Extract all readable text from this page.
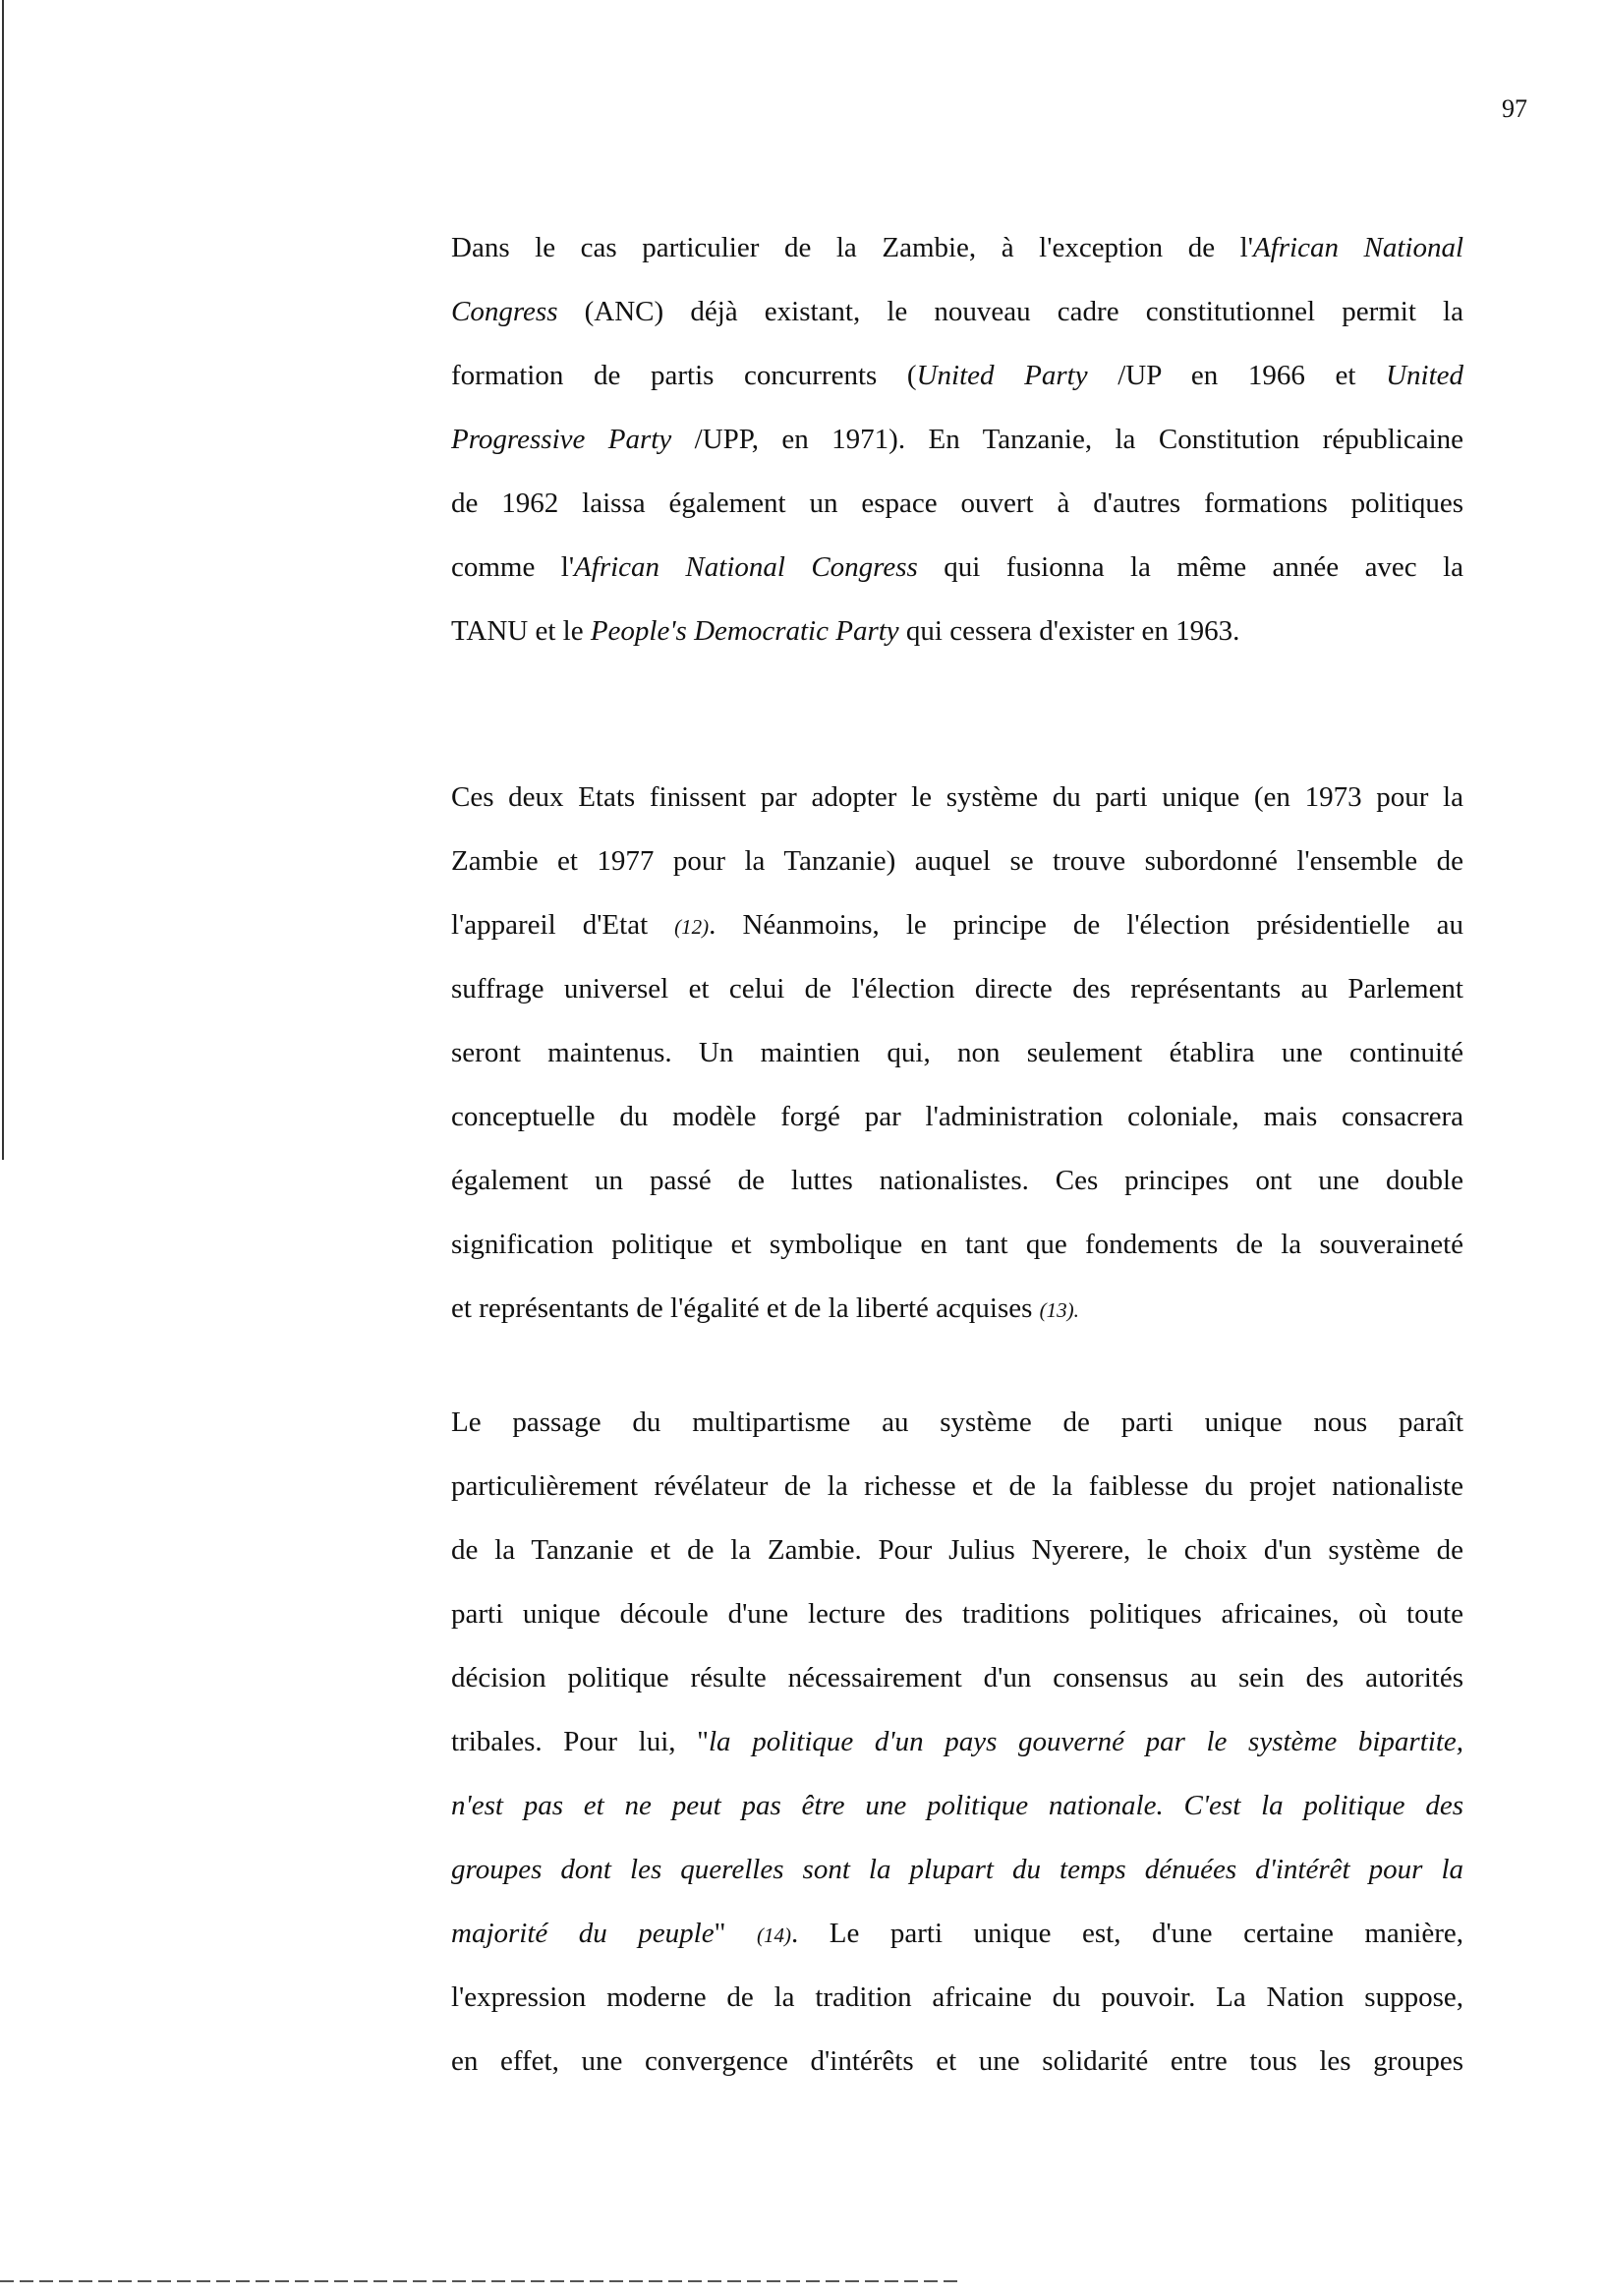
97
Dans le cas particulier de la Zambie, à l'exception de l'African National
Congress (ANC) déjà existant, le nouveau cadre constitutionnel permit la
formation de partis concurrents (United Party /UP en 1966 et United
Progressive Party /UPP, en 1971). En Tanzanie, la Constitution républicaine
de 1962 laissa également un espace ouvert à d'autres formations politiques
comme l'African National Congress qui fusionna la même année avec la
TANU et le People's Democratic Party qui cessera d'exister en 1963.
Ces deux Etats finissent par adopter le système du parti unique (en 1973 pour la
Zambie et 1977 pour la Tanzanie) auquel se trouve subordonné l'ensemble de
l'appareil d'Etat (12). Néanmoins, le principe de l'élection présidentielle au
suffrage universel et celui de l'élection directe des représentants au Parlement
seront maintenus. Un maintien qui, non seulement établira une continuité
conceptuelle du modèle forgé par l'administration coloniale, mais consacrera
également un passé de luttes nationalistes. Ces principes ont une double
signification politique et symbolique en tant que fondements de la souveraineté
et représentants de l'égalité et de la liberté acquises (13).
Le passage du multipartisme au système de parti unique nous paraît
particulièrement révélateur de la richesse et de la faiblesse du projet nationaliste
de la Tanzanie et de la Zambie. Pour Julius Nyerere, le choix d'un système de
parti unique découle d'une lecture des traditions politiques africaines, où toute
décision politique résulte nécessairement d'un consensus au sein des autorités
tribales. Pour lui, "la politique d'un pays gouverné par le système bipartite,
n'est pas et ne peut pas être une politique nationale. C'est la politique des
groupes dont les querelles sont la plupart du temps dénuées d'intérêt pour la
majorité du peuple" (14). Le parti unique est, d'une certaine manière,
l'expression moderne de la tradition africaine du pouvoir. La Nation suppose,
en effet, une convergence d'intérêts et une solidarité entre tous les groupes
